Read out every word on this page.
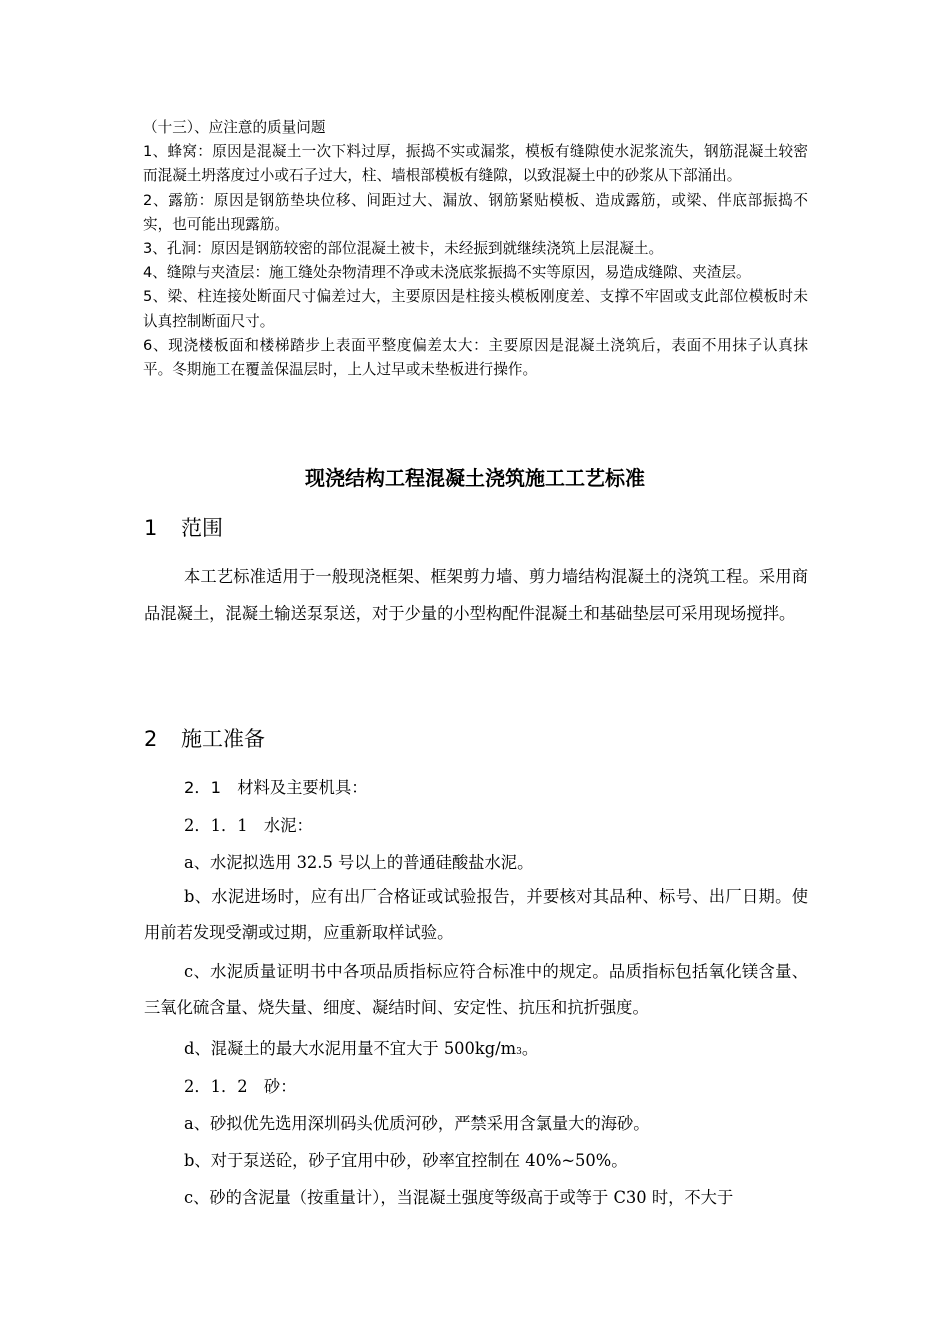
（十三）、应注意的质量问题

1、蜂窝：原因是混凝土一次下料过厚，振捣不实或漏浆，模板有缝隙使水泥浆流失，钢筋混凝土较密而混凝土坍落度过小或石子过大，柱、墙根部模板有缝隙，以致混凝土中的砂浆从下部涌出。

2、露筋：原因是钢筋垫块位移、间距过大、漏放、钢筋紧贴模板、造成露筋，或梁、伴底部振捣不实，也可能出现露筋。

3、孔洞：原因是钢筋较密的部位混凝土被卡，未经振到就继续浇筑上层混凝土。

4、缝隙与夹渣层：施工缝处杂物清理不净或未浇底浆振捣不实等原因，易造成缝隙、夹渣层。

5、梁、柱连接处断面尺寸偏差过大，主要原因是柱接头模板刚度差、支撑不牢固或支此部位模板时未认真控制断面尺寸。

6、现浇楼板面和楼梯踏步上表面平整度偏差太大：主要原因是混凝土浇筑后，表面不用抹子认真抹平。冬期施工在覆盖保温层时，上人过早或未垫板进行操作。

现浇结构工程混凝土浇筑施工工艺标准
1 范围

本工艺标准适用于一般现浇框架、框架剪力墙、剪力墙结构混凝土的浇筑工程。采用商品混凝土，混凝土输送泵泵送，对于少量的小型构配件混凝土和基础垫层可采用现场搅拌。

2 施工准备

2．1　材料及主要机具：

2．1．1　水泥：

a、水泥拟选用 32.5 号以上的普通硅酸盐水泥。

b、水泥进场时，应有出厂合格证或试验报告，并要核对其品种、标号、出厂日期。使用前若发现受潮或过期，应重新取样试验。

c、水泥质量证明书中各项品质指标应符合标准中的规定。品质指标包括氧化镁含量、三氧化硫含量、烧失量、细度、凝结时间、安定性、抗压和抗折强度。

d、混凝土的最大水泥用量不宜大于 500kg/m3。

2．1．2　砂：

a、砂拟优先选用深圳码头优质河砂，严禁采用含氯量大的海砂。

b、对于泵送砼，砂子宜用中砂，砂率宜控制在 40%~50%。

c、砂的含泥量（按重量计），当混凝土强度等级高于或等于 C30 时，不大于
